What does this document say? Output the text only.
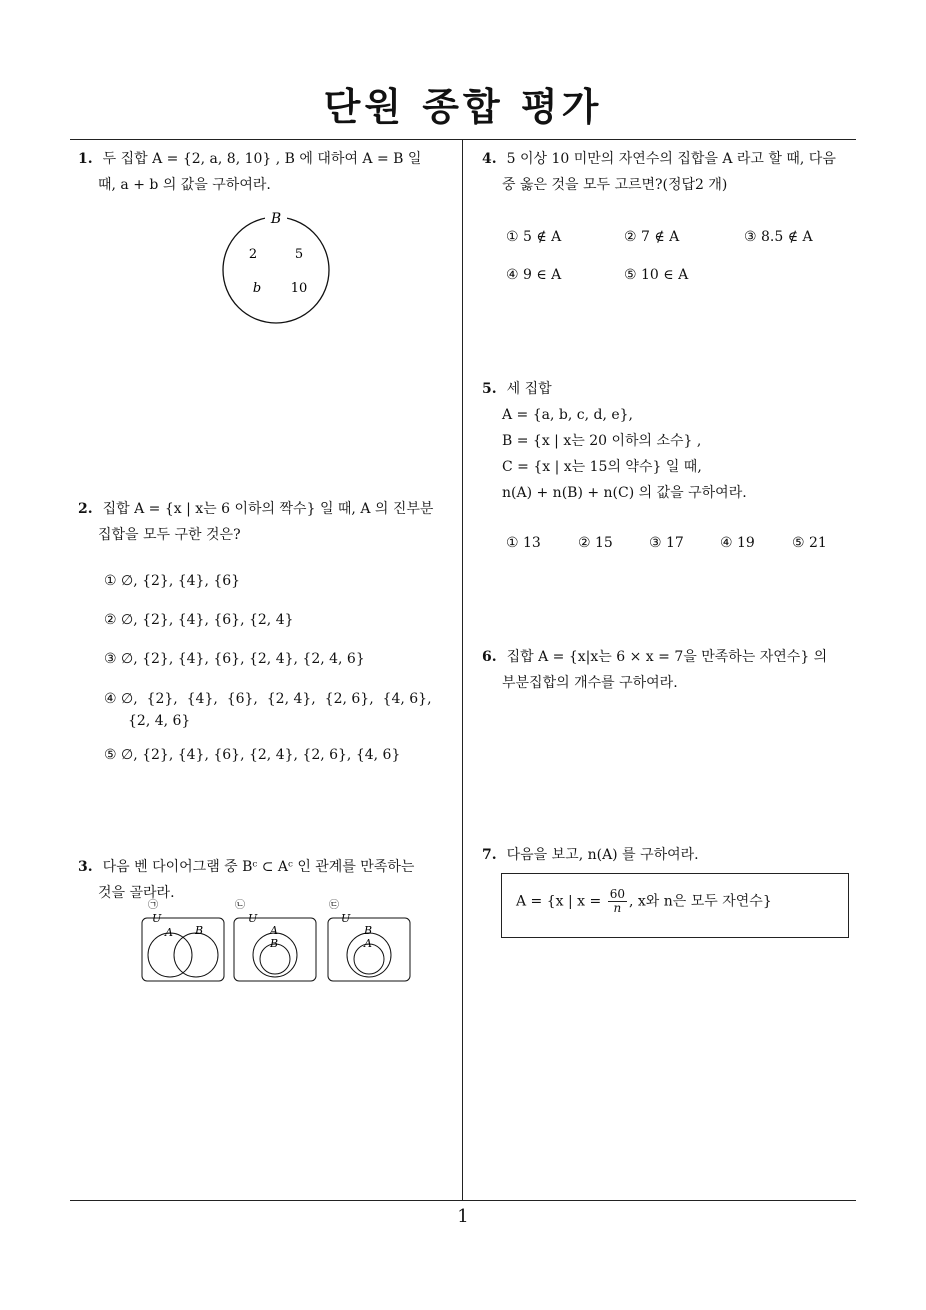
단원 종합 평가
1. 두 집합 A = {2, a, 8, 10} , B 에 대하여 A = B 일
때, a + b 의 값을 구하여라.
B
2	5
b 10
2. 집합 A = {x | x는 6 이하의 짝수} 일 때, A 의 진부분
집합을 모두 구한 것은?
① ∅, {2}, {4}, {6}
② ∅, {2}, {4}, {6}, {2, 4}
③ ∅, {2}, {4}, {6}, {2, 4}, {2, 4, 6}
④ ∅,  {2},  {4},  {6},  {2, 4},  {2, 6},  {4, 6},
{2, 4, 6}
⑤ ∅, {2}, {4}, {6}, {2, 4}, {2, 6}, {4, 6}
3. 다음 벤 다이어그램 중 Bᶜ ⊂ Aᶜ 인 관계를 만족하는
것을 골라라.
㉠
U
A B
㉡
U
A
B
㉢
U
B
A
4. 5 이상 10 미만의 자연수의 집합을 A 라고 할 때, 다음
중 옳은 것을 모두 고르면?(정답2 개)
① 5 ∉ A	② 7 ∉ A	③ 8.5 ∉ A
④ 9 ∈ A	⑤ 10 ∈ A
5. 세 집합
A = {a, b, c, d, e},
B = {x | x는 20 이하의 소수} ,
C = {x | x는 15의 약수} 일 때,
n(A) + n(B) + n(C) 의 값을 구하여라.
① 13	② 15	③ 17	④ 19	⑤ 21
6. 집합 A = {x|x는 6 × x = 7을 만족하는 자연수} 의
부분집합의 개수를 구하여라.
7. 다음을 보고, n(A) 를 구하여라.
A = {x | $x = \frac{60}{n}$ , x와 n은 모두 자연수}
1
